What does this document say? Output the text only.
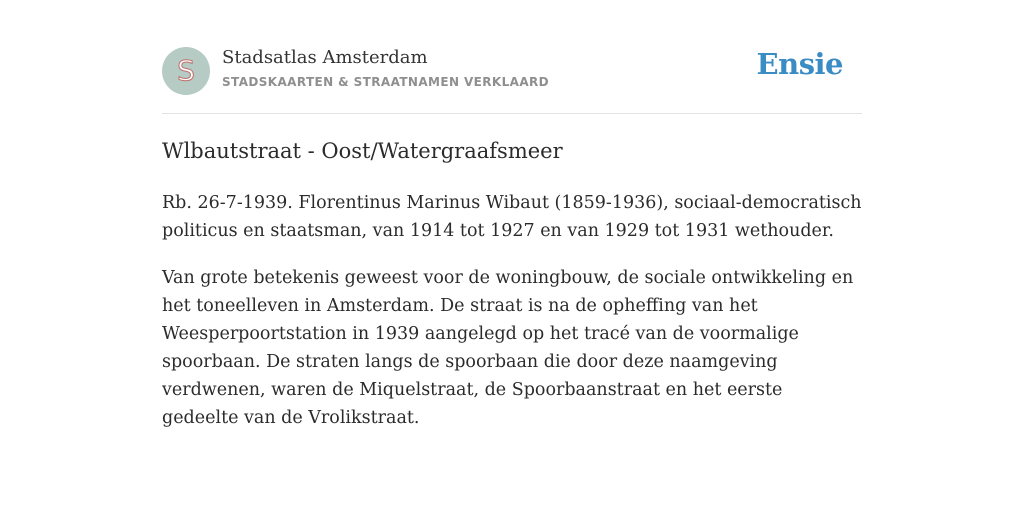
S	Stadsatlas Amsterdam
STADSKAARTEN & STRAATNAMEN VERKLAARD
Ensie
Wlbautstraat - Oost/Watergraafsmeer

Rb. 26-7-1939. Florentinus Marinus Wibaut (1859-1936), sociaal-democratisch politicus en staatsman, van 1914 tot 1927 en van 1929 tot 1931 wethouder.

Van grote betekenis geweest voor de woningbouw, de sociale ontwikkeling en het toneelleven in Amsterdam. De straat is na de opheffing van het Weesperpoortstation in 1939 aangelegd op het tracé van de voormalige spoorbaan. De straten langs de spoorbaan die door deze naamgeving verdwenen, waren de Miquelstraat, de Spoorbaanstraat en het eerste gedeelte van de Vrolikstraat.
